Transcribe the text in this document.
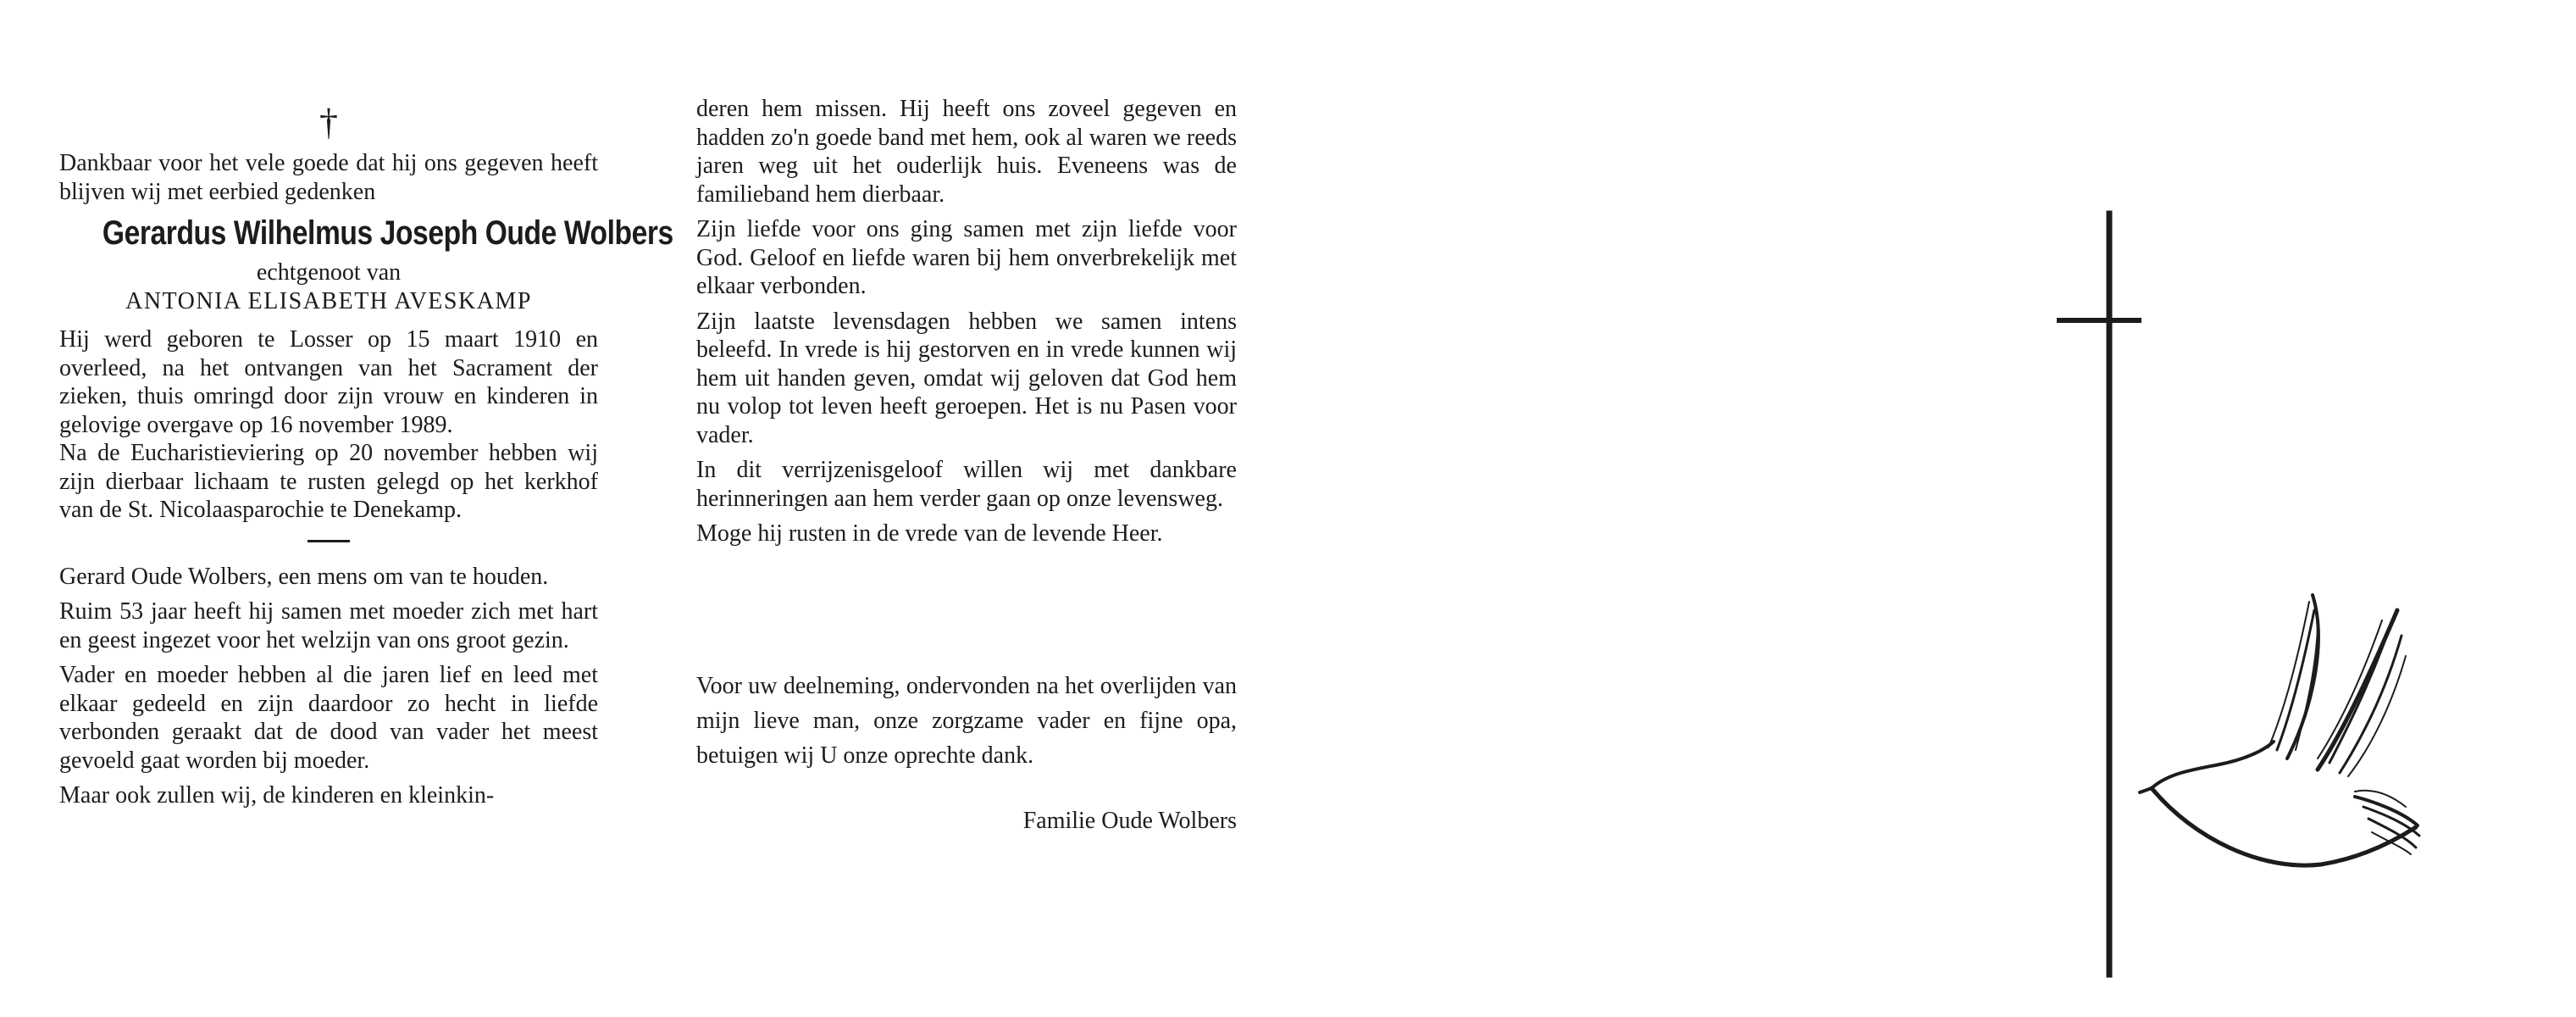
†

Dankbaar voor het vele goede dat hij ons gegeven heeft blijven wij met eerbied gedenken

Gerardus Wilhelmus Joseph Oude Wolbers
echtgenoot van
ANTONIA ELISABETH AVESKAMP

Hij werd geboren te Losser op 15 maart 1910 en overleed, na het ontvangen van het Sacrament der zieken, thuis omringd door zijn vrouw en kinderen in gelovige overgave op 16 november 1989.

Na de Eucharistieviering op 20 november hebben wij zijn dierbaar lichaam te rusten gelegd op het kerkhof van de St. Nicolaasparochie te Denekamp.

Gerard Oude Wolbers, een mens om van te houden.

Ruim 53 jaar heeft hij samen met moeder zich met hart en geest ingezet voor het welzijn van ons groot gezin.

Vader en moeder hebben al die jaren lief en leed met elkaar gedeeld en zijn daardoor zo hecht in liefde verbonden geraakt dat de dood van vader het meest gevoeld gaat worden bij moeder.

Maar ook zullen wij, de kinderen en kleinkin-

deren hem missen. Hij heeft ons zoveel gegeven en hadden zo'n goede band met hem, ook al waren we reeds jaren weg uit het ouderlijk huis. Eveneens was de familieband hem dierbaar.

Zijn liefde voor ons ging samen met zijn liefde voor God. Geloof en liefde waren bij hem onverbrekelijk met elkaar verbonden.

Zijn laatste levensdagen hebben we samen intens beleefd. In vrede is hij gestorven en in vrede kunnen wij hem uit handen geven, omdat wij geloven dat God hem nu volop tot leven heeft geroepen. Het is nu Pasen voor vader.

In dit verrijzenisgeloof willen wij met dankbare herinneringen aan hem verder gaan op onze levensweg.

Moge hij rusten in de vrede van de levende Heer.

Voor uw deelneming, ondervonden na het overlijden van mijn lieve man, onze zorgzame vader en fijne opa, betuigen wij U onze oprechte dank.
Familie Oude Wolbers
